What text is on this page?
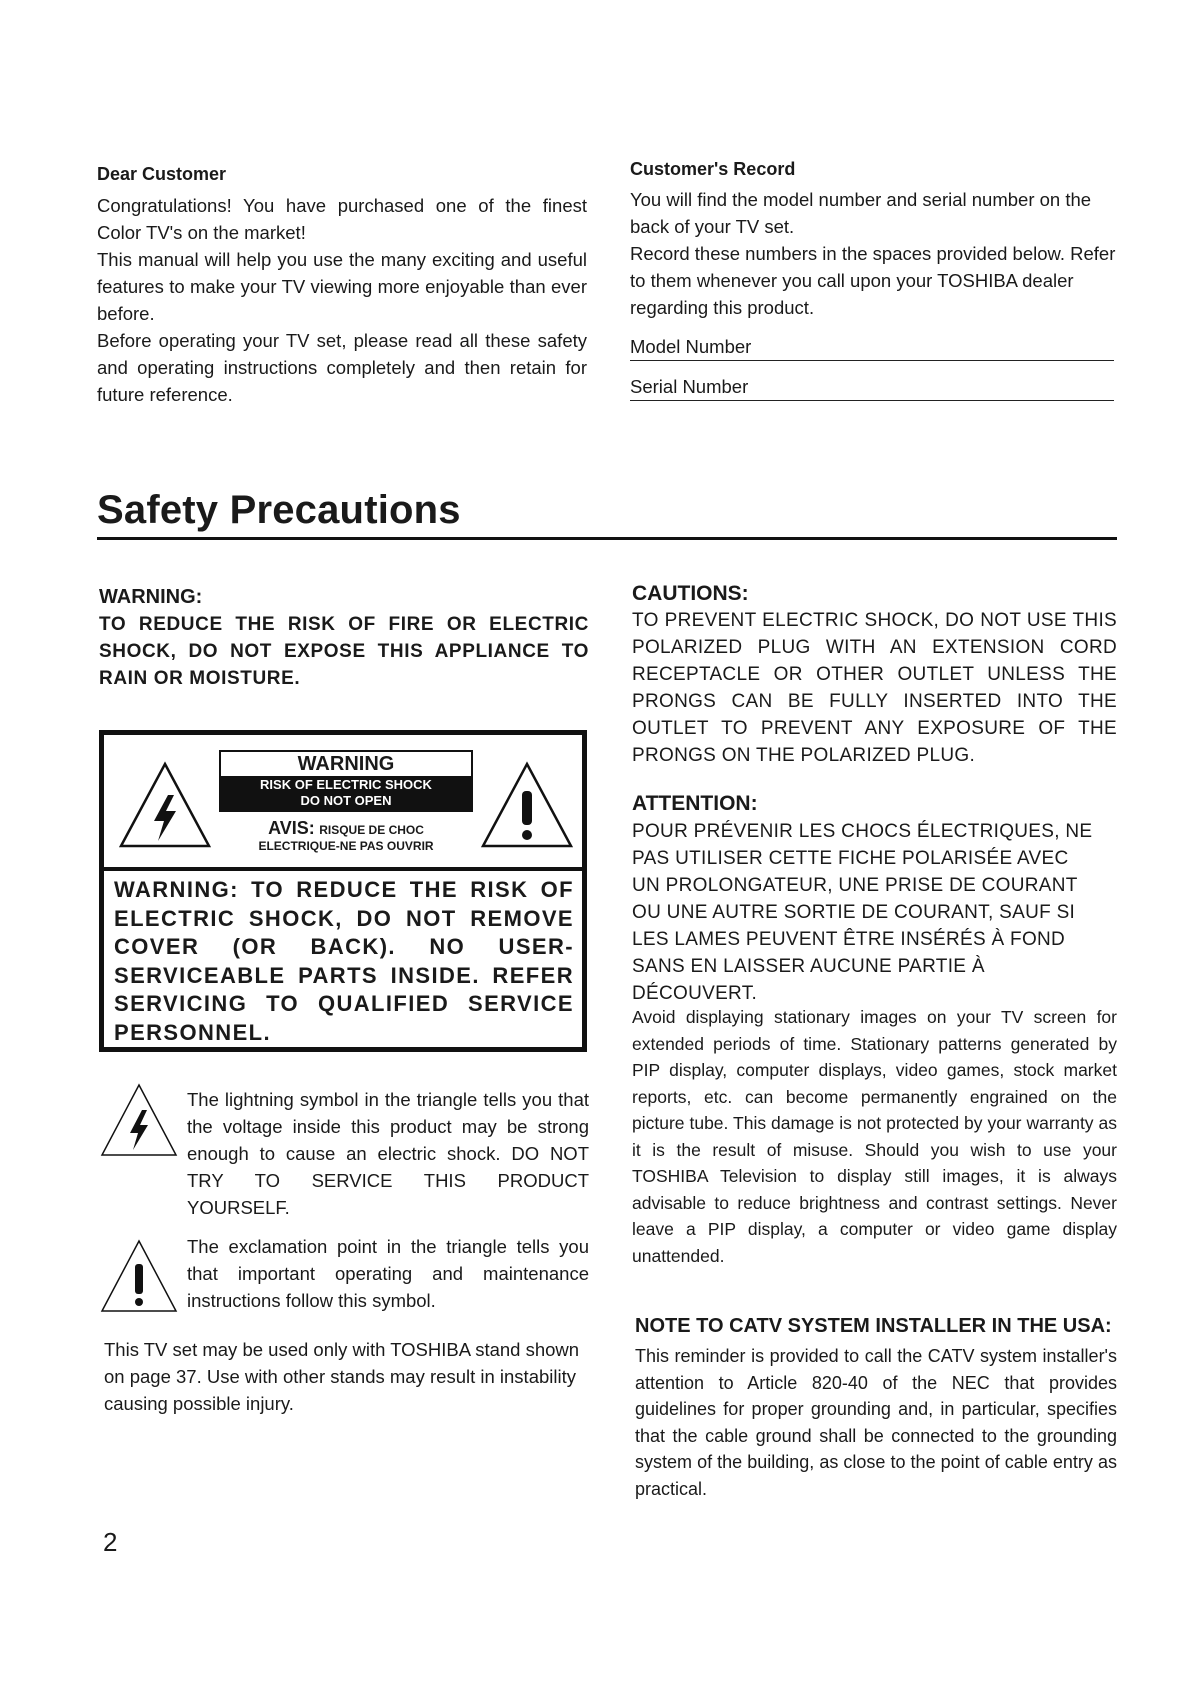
Dear Customer
Congratulations! You have purchased one of the finest Color TV's on the market!
This manual will help you use the many exciting and useful features to make your TV viewing more enjoyable than ever before.
Before operating your TV set, please read all these safety and operating instructions completely and then retain for future reference.
Customer's Record
You will find the model number and serial number on the back of your TV set.
Record these numbers in the spaces provided below. Refer to them whenever you call upon your TOSHIBA dealer regarding this product.
Model Number
Serial Number
Safety Precautions
WARNING:
TO REDUCE THE RISK OF FIRE OR ELECTRIC SHOCK, DO NOT EXPOSE THIS APPLIANCE TO RAIN OR MOISTURE.
WARNING
RISK OF ELECTRIC SHOCK
DO NOT OPEN
AVIS: RISQUE DE CHOC
ELECTRIQUE-NE PAS OUVRIR
WARNING: TO REDUCE THE RISK OF ELECTRIC SHOCK, DO NOT REMOVE COVER (OR BACK). NO USER-SERVICEABLE PARTS INSIDE. REFER SERVICING TO QUALIFIED SERVICE PERSONNEL.
The lightning symbol in the triangle tells you that the voltage inside this product may be strong enough to cause an electric shock. DO NOT TRY TO SERVICE THIS PRODUCT YOURSELF.
The exclamation point in the triangle tells you that important operating and maintenance instructions follow this symbol.
This TV set may be used only with TOSHIBA stand shown on page 37. Use with other stands may result in instability causing possible injury.
2
CAUTIONS:
TO PREVENT ELECTRIC SHOCK, DO NOT USE THIS POLARIZED PLUG WITH AN EXTENSION CORD RECEPTACLE OR OTHER OUTLET UNLESS THE PRONGS CAN BE FULLY INSERTED INTO THE OUTLET TO PREVENT ANY EXPOSURE OF THE PRONGS ON THE POLARIZED PLUG.
ATTENTION:
POUR PRÉVENIR LES CHOCS ÉLECTRIQUES, NE PAS UTILISER CETTE FICHE POLARISÉE AVEC UN PROLONGATEUR, UNE PRISE DE COURANT OU UNE AUTRE SORTIE DE COURANT, SAUF SI LES LAMES PEUVENT ÊTRE INSÉRÉS À FOND SANS EN LAISSER AUCUNE PARTIE À DÉCOUVERT.
Avoid displaying stationary images on your TV screen for extended periods of time. Stationary patterns generated by PIP display, computer displays, video games, stock market reports, etc. can become permanently engrained on the picture tube. This damage is not protected by your warranty as it is the result of misuse. Should you wish to use your TOSHIBA Television to display still images, it is always advisable to reduce brightness and contrast settings. Never leave a PIP display, a computer or video game display unattended.
NOTE TO CATV SYSTEM INSTALLER IN THE USA:
This reminder is provided to call the CATV system installer's attention to Article 820-40 of the NEC that provides guidelines for proper grounding and, in particular, specifies that the cable ground shall be connected to the grounding system of the building, as close to the point of cable entry as practical.
